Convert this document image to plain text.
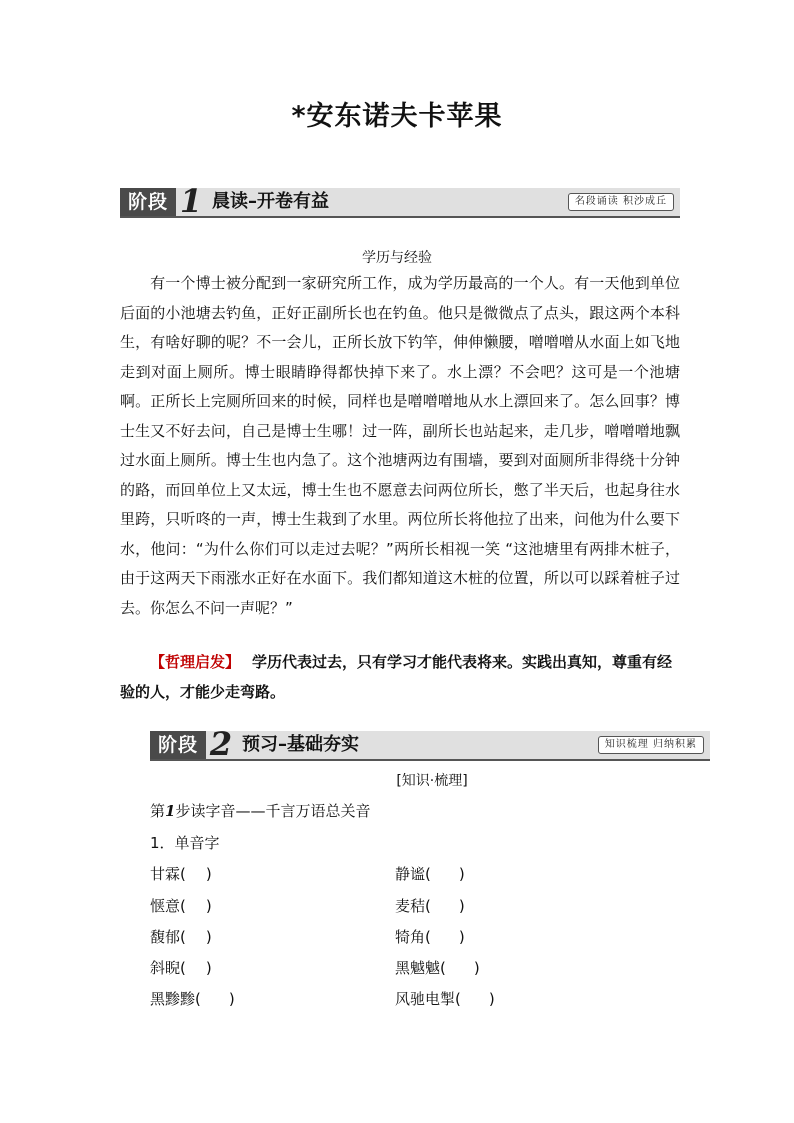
*安东诺夫卡苹果
阶段 1 晨读–开卷有益	名段诵读 积沙成丘
学历与经验
有一个博士被分配到一家研究所工作，成为学历最高的一个人。有一天他到单位后面的小池塘去钓鱼，正好正副所长也在钓鱼。他只是微微点了点头，跟这两个本科生，有啥好聊的呢？不一会儿，正所长放下钓竿，伸伸懒腰，噌噌噌从水面上如飞地走到对面上厕所。博士眼睛睁得都快掉下来了。水上漂？不会吧？这可是一个池塘啊。正所长上完厕所回来的时候，同样也是噌噌噌地从水上漂回来了。怎么回事？博士生又不好去问，自己是博士生哪！过一阵，副所长也站起来，走几步，噌噌噌地飘过水面上厕所。博士生也内急了。这个池塘两边有围墙，要到对面厕所非得绕十分钟的路，而回单位上又太远，博士生也不愿意去问两位所长，憋了半天后，也起身往水里跨，只听咚的一声，博士生栽到了水里。两位所长将他拉了出来，问他为什么要下水，他问：“为什么你们可以走过去呢？”两所长相视一笑 “这池塘里有两排木桩子，由于这两天下雨涨水正好在水面下。我们都知道这木桩的位置，所以可以踩着桩子过去。你怎么不问一声呢？”
【哲理启发】 学历代表过去，只有学习才能代表将来。实践出真知，尊重有经验的人，才能少走弯路。
阶段 2 预习–基础夯实	知识梳理 归纳积累
[知识·梳理]
第1步读字音——千言万语总关音
1．单音字
甘霖( )	静谧( )
惬意( )	麦秸( )
馥郁( )	犄角( )
斜睨( )	黑魆魆( )
黑黪黪( )	风驰电掣( )
